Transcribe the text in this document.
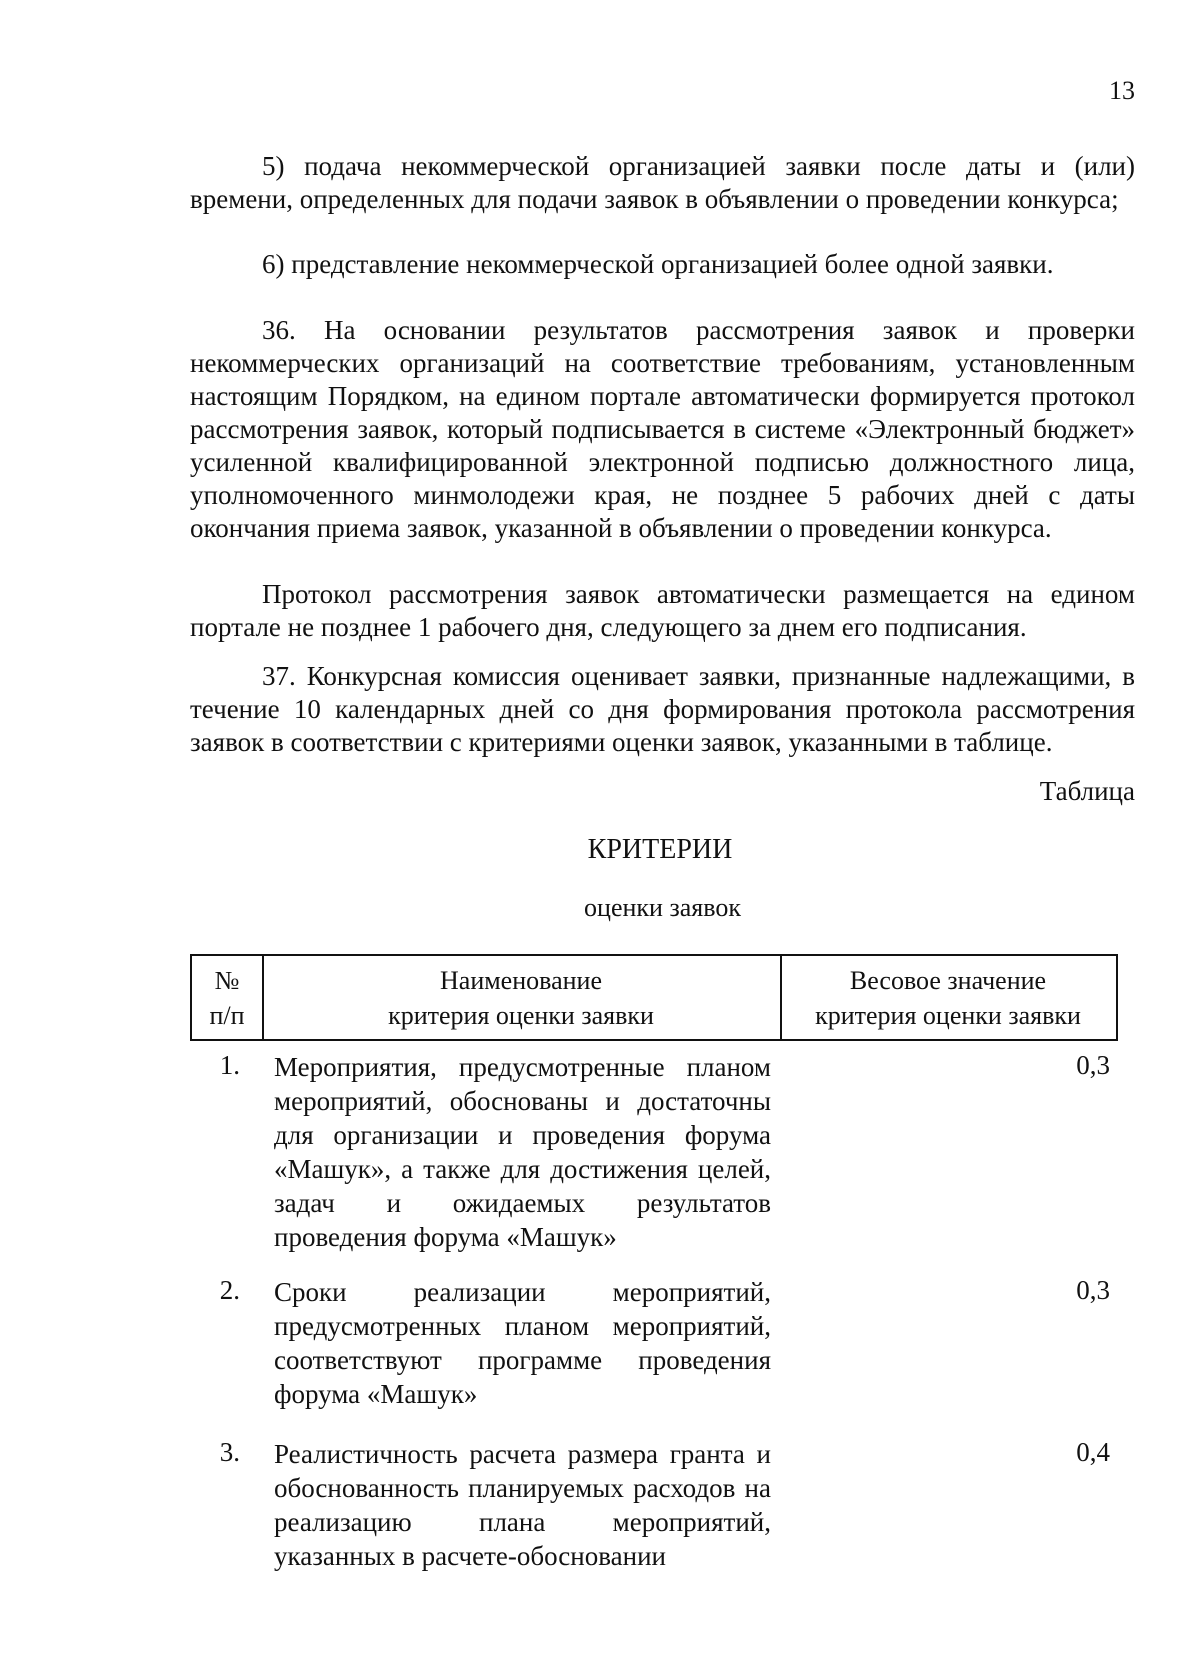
13
5) подача некоммерческой организацией заявки после даты и (или) времени, определенных для подачи заявок в объявлении о проведении конкурса;
6) представление некоммерческой организацией более одной заявки.
36. На основании результатов рассмотрения заявок и проверки некоммерческих организаций на соответствие требованиям, установленным настоящим Порядком, на едином портале автоматически формируется протокол рассмотрения заявок, который подписывается в системе «Электронный бюджет» усиленной квалифицированной электронной подписью должностного лица, уполномоченного минмолодежи края, не позднее 5 рабочих дней с даты окончания приема заявок, указанной в объявлении о проведении конкурса.
Протокол рассмотрения заявок автоматически размещается на едином портале не позднее 1 рабочего дня, следующего за днем его подписания.
37. Конкурсная комиссия оценивает заявки, признанные надлежащими, в течение 10 календарных дней со дня формирования протокола рассмотрения заявок в соответствии с критериями оценки заявок, указанными в таблице.
Таблица
КРИТЕРИИ
оценки заявок
№
п/п
Наименование
критерия оценки заявки
Весовое значение
критерия оценки заявки
1. Мероприятия, предусмотренные планом мероприятий, обоснованы и достаточны для организации и проведения форума «Машук», а также для достижения целей, задач и ожидаемых результатов проведения форума «Машук»
0,3
2. Сроки реализации мероприятий, предусмотренных планом мероприятий, соответствуют программе проведения форума «Машук»
0,3
3. Реалистичность расчета размера гранта и обоснованность планируемых расходов на реализацию плана мероприятий, указанных в расчете-обосновании
0,4
